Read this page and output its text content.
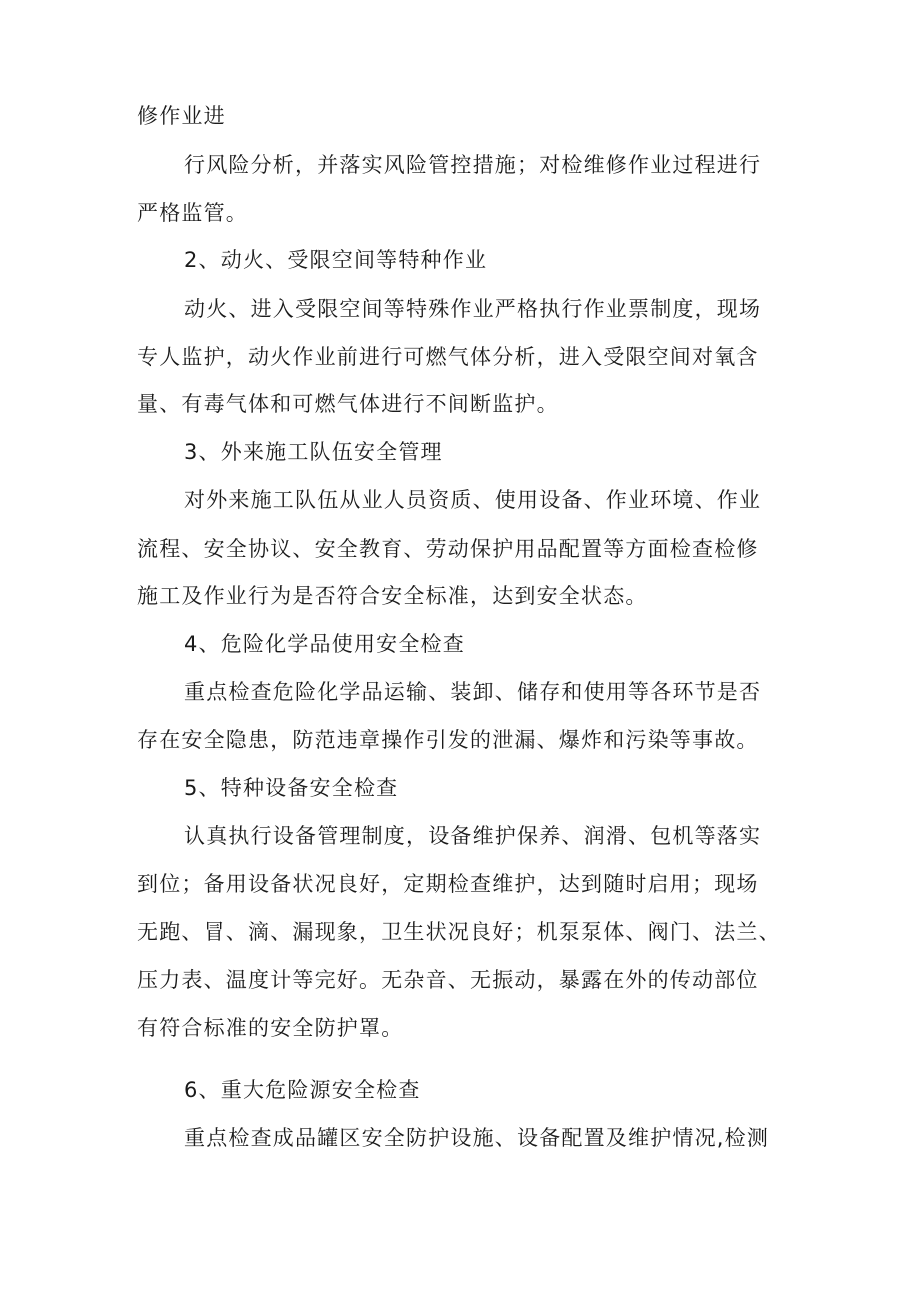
修作业进
行风险分析，并落实风险管控措施；对检维修作业过程进行
严格监管。
2、动火、受限空间等特种作业
动火、进入受限空间等特殊作业严格执行作业票制度，现场
专人监护，动火作业前进行可燃气体分析，进入受限空间对氧含
量、有毒气体和可燃气体进行不间断监护。
3、外来施工队伍安全管理
对外来施工队伍从业人员资质、使用设备、作业环境、作业
流程、安全协议、安全教育、劳动保护用品配置等方面检查检修
施工及作业行为是否符合安全标准，达到安全状态。
4、危险化学品使用安全检查
重点检查危险化学品运输、装卸、储存和使用等各环节是否
存在安全隐患，防范违章操作引发的泄漏、爆炸和污染等事故。
5、特种设备安全检查
认真执行设备管理制度，设备维护保养、润滑、包机等落实
到位；备用设备状况良好，定期检查维护，达到随时启用；现场
无跑、冒、滴、漏现象，卫生状况良好；机泵泵体、阀门、法兰、
压力表、温度计等完好。无杂音、无振动，暴露在外的传动部位
有符合标准的安全防护罩。
6、重大危险源安全检查
重点检查成品罐区安全防护设施、设备配置及维护情况,检测
